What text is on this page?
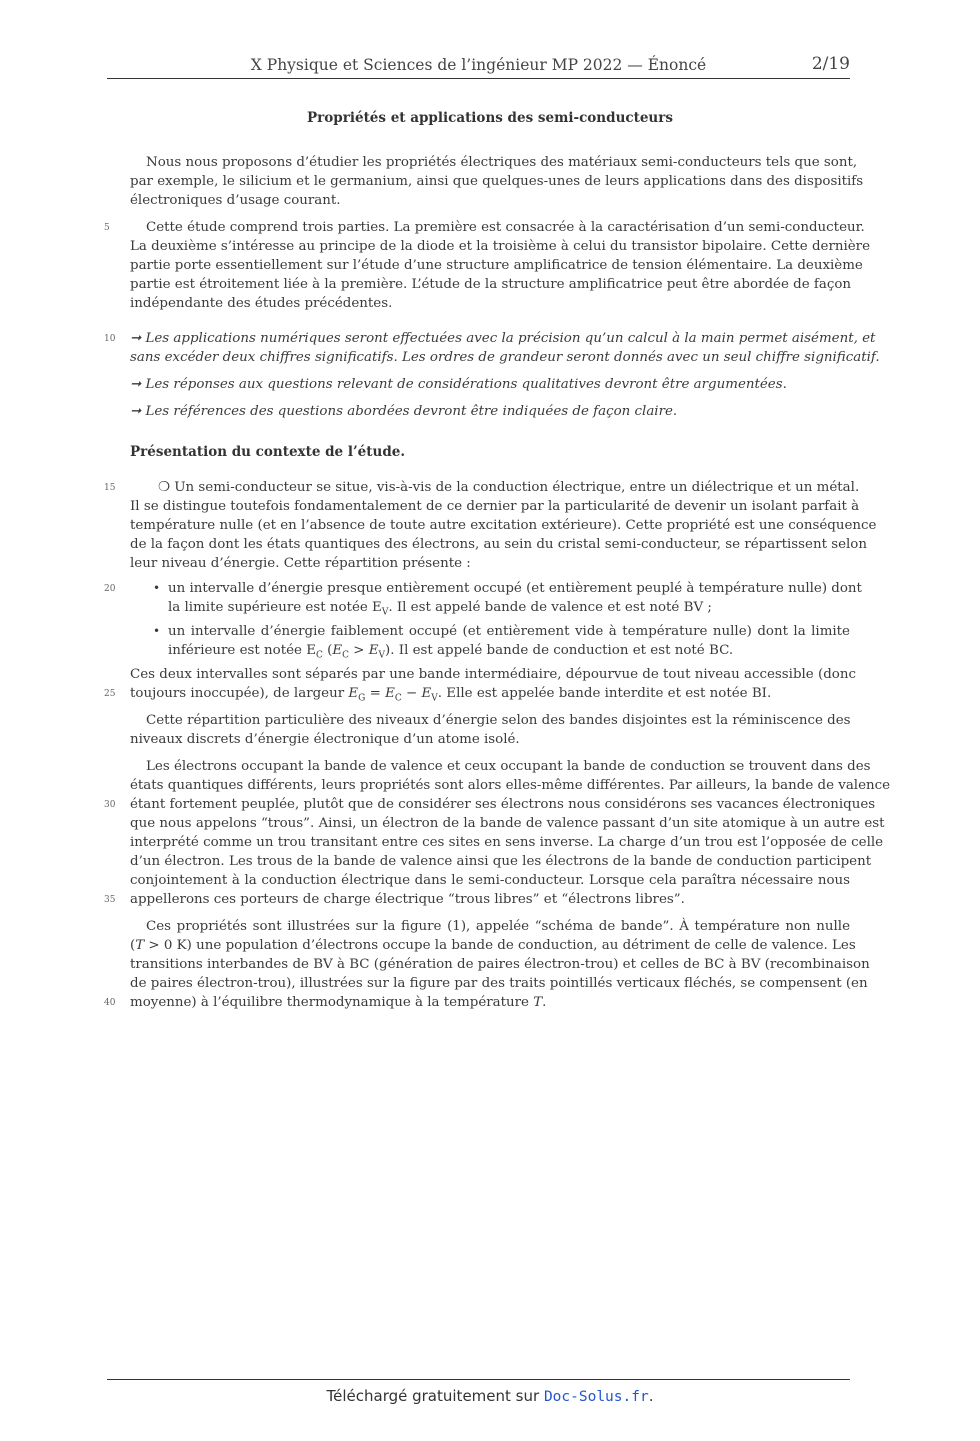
X Physique et Sciences de l’ingénieur MP 2022 — Énoncé	2/19
Propriétés et applications des semi-conducteurs
Nous nous proposons d’étudier les propriétés électriques des matériaux semi-conducteurs tels que sont,
par exemple, le silicium et le germanium, ainsi que quelques-unes de leurs applications dans des dispositifs
électroniques d’usage courant.
5	Cette étude comprend trois parties. La première est consacrée à la caractérisation d’un semi-conducteur.
La deuxième s’intéresse au principe de la diode et la troisième à celui du transistor bipolaire. Cette dernière
partie porte essentiellement sur l’étude d’une structure amplificatrice de tension élémentaire. La deuxième
partie est étroitement liée à la première. L’étude de la structure amplificatrice peut être abordée de façon
indépendante des études précédentes.
10	➞ Les applications numériques seront effectuées avec la précision qu’un calcul à la main permet aisément, et
sans excéder deux chiffres significatifs. Les ordres de grandeur seront donnés avec un seul chiffre significatif.
➞ Les réponses aux questions relevant de considérations qualitatives devront être argumentées.
➞ Les références des questions abordées devront être indiquées de façon claire.
Présentation du contexte de l’étude.
15	❍ Un semi-conducteur se situe, vis-à-vis de la conduction électrique, entre un diélectrique et un métal.
Il se distingue toutefois fondamentalement de ce dernier par la particularité de devenir un isolant parfait à
température nulle (et en l’absence de toute autre excitation extérieure). Cette propriété est une conséquence
de la façon dont les états quantiques des électrons, au sein du cristal semi-conducteur, se répartissent selon
leur niveau d’énergie. Cette répartition présente :
20	• un intervalle d’énergie presque entièrement occupé (et entièrement peuplé à température nulle) dont
la limite supérieure est notée $E_V$. Il est appelé bande de valence et est noté BV ;
• un intervalle d’énergie faiblement occupé (et entièrement vide à température nulle) dont la limite
inférieure est notée $E_C$ $(E_C > E_V)$. Il est appelé bande de conduction et est noté BC.
Ces deux intervalles sont séparés par une bande intermédiaire, dépourvue de tout niveau accessible (donc
25	toujours inoccupée), de largeur $E_G = E_C - E_V$. Elle est appelée bande interdite et est notée BI.
Cette répartition particulière des niveaux d’énergie selon des bandes disjointes est la réminiscence des
niveaux discrets d’énergie électronique d’un atome isolé.
Les électrons occupant la bande de valence et ceux occupant la bande de conduction se trouvent dans des
états quantiques différents, leurs propriétés sont alors elles-même différentes. Par ailleurs, la bande de valence
30	étant fortement peuplée, plutôt que de considérer ses électrons nous considérons ses vacances électroniques
que nous appelons “trous”. Ainsi, un électron de la bande de valence passant d’un site atomique à un autre est
interprété comme un trou transitant entre ces sites en sens inverse. La charge d’un trou est l’opposée de celle
d’un électron. Les trous de la bande de valence ainsi que les électrons de la bande de conduction participent
conjointement à la conduction électrique dans le semi-conducteur. Lorsque cela paraîtra nécessaire nous
35	appellerons ces porteurs de charge électrique “trous libres” et “électrons libres”.
Ces propriétés sont illustrées sur la figure (1), appelée “schéma de bande”. À température non nulle
(T > 0 K) une population d’électrons occupe la bande de conduction, au détriment de celle de valence. Les
transitions interbandes de BV à BC (génération de paires électron-trou) et celles de BC à BV (recombinaison
de paires électron-trou), illustrées sur la figure par des traits pointillés verticaux fléchés, se compensent (en
40	moyenne) à l’équilibre thermodynamique à la température T.
Téléchargé gratuitement sur Doc-Solus.fr.
